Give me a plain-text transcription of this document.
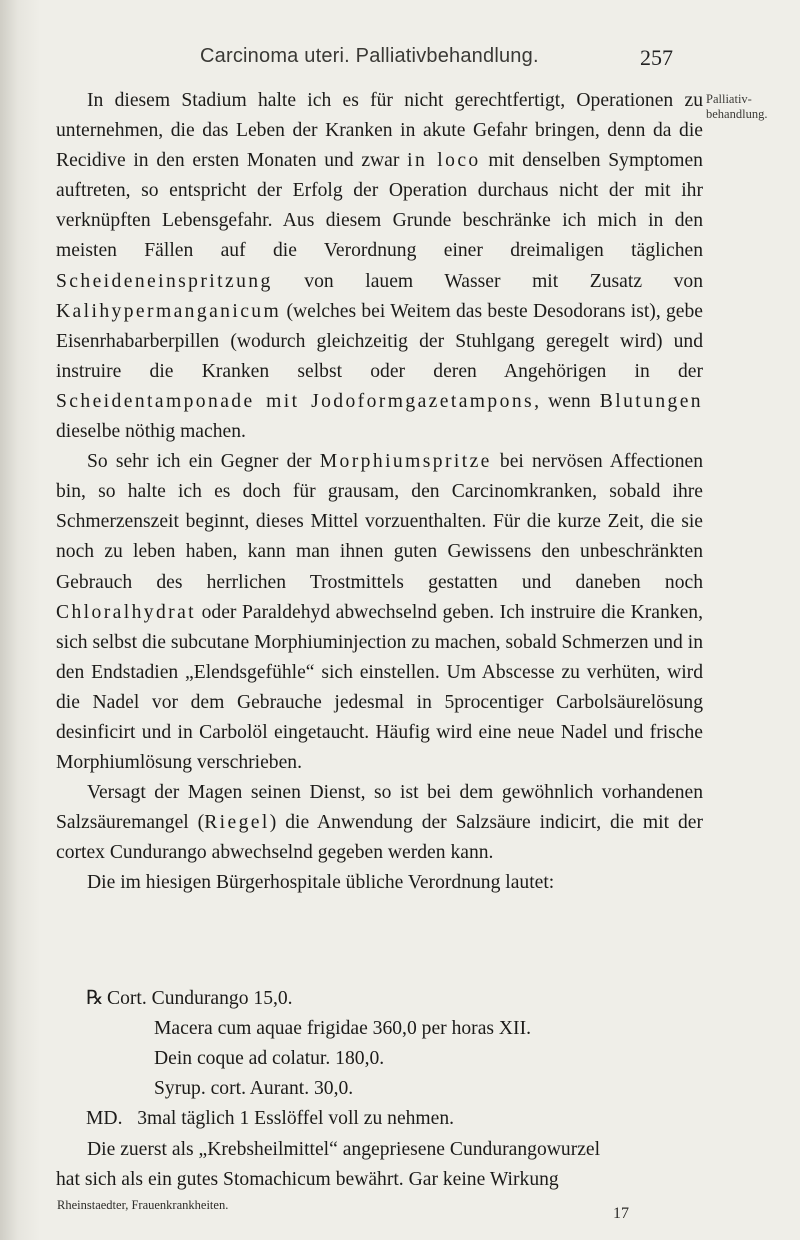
Carcinoma uteri. Palliativbehandlung.	257
Palliativ-behandlung.

In diesem Stadium halte ich es für nicht gerechtfertigt, Operationen zu unternehmen, die das Leben der Kranken in akute Gefahr bringen, denn da die Recidive in den ersten Monaten und zwar in loco mit denselben Symptomen auftreten, so entspricht der Erfolg der Operation durchaus nicht der mit ihr verknüpften Lebensgefahr. Aus diesem Grunde beschränke ich mich in den meisten Fällen auf die Verordnung einer dreimaligen täglichen Scheideneinspritzung von lauem Wasser mit Zusatz von Kalihypermanganicum (welches bei Weitem das beste Desodorans ist), gebe Eisenrhabarberpillen (wodurch gleichzeitig der Stuhlgang geregelt wird) und instruire die Kranken selbst oder deren Angehörigen in der Scheidentamponade mit Jodoformgazetampons, wenn Blutungen dieselbe nöthig machen.

So sehr ich ein Gegner der Morphiumspritze bei nervösen Affectionen bin, so halte ich es doch für grausam, den Carcinomkranken, sobald ihre Schmerzenszeit beginnt, dieses Mittel vorzuenthalten. Für die kurze Zeit, die sie noch zu leben haben, kann man ihnen guten Gewissens den unbeschränkten Gebrauch des herrlichen Trostmittels gestatten und daneben noch Chloralhydrat oder Paraldehyd abwechselnd geben. Ich instruire die Kranken, sich selbst die subcutane Morphiuminjection zu machen, sobald Schmerzen und in den Endstadien „Elendsgefühle“ sich einstellen. Um Abscesse zu verhüten, wird die Nadel vor dem Gebrauche jedesmal in 5procentiger Carbolsäurelösung desinficirt und in Carbolöl eingetaucht. Häufig wird eine neue Nadel und frische Morphiumlösung verschrieben.

Versagt der Magen seinen Dienst, so ist bei dem gewöhnlich vorhandenen Salzsäuremangel (Riegel) die Anwendung der Salzsäure indicirt, die mit der cortex Cundurango abwechselnd gegeben werden kann.

Die im hiesigen Bürgerhospitale übliche Verordnung lautet:

℞ Cort. Cundurango 15,0.
Macera cum aquae frigidae 360,0 per horas XII.
Dein coque ad colatur. 180,0.
Syrup. cort. Aurant. 30,0.
MD. 3mal täglich 1 Esslöffel voll zu nehmen.

Die zuerst als „Krebsheilmittel“ angepriesene Cundurangowurzel
hat sich als ein gutes Stomachicum bewährt. Gar keine Wirkung

Rheinstaedter, Frauenkrankheiten.	17
